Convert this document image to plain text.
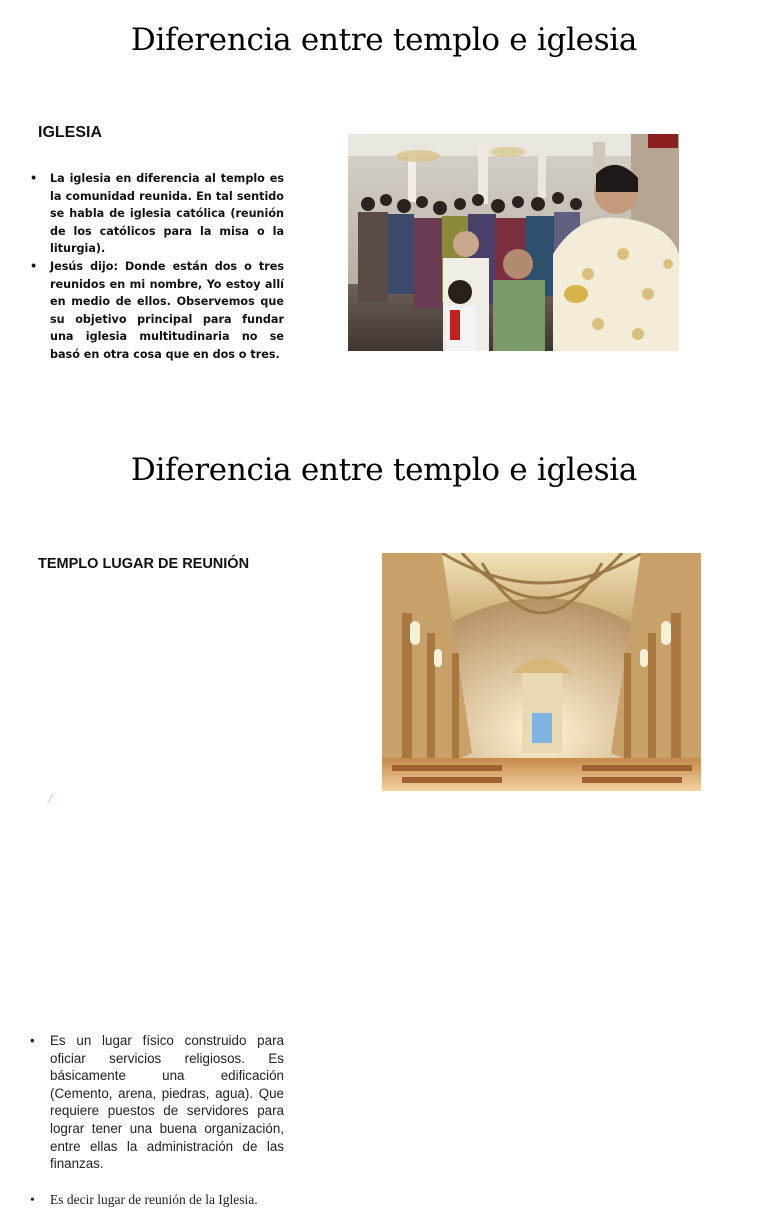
Diferencia entre templo e iglesia
IGLESIA
• La iglesia en diferencia al templo es la comunidad reunida. En tal sentido se habla de iglesia católica (reunión de los católicos para la misa o la liturgia).
• Jesús dijo: Donde están dos o tres reunidos en mi nombre, Yo estoy allí en medio de ellos. Observemos que su objetivo principal para fundar una iglesia multitudinaria no se basó en otra cosa que en dos o tres.
Diferencia entre templo e iglesia
TEMPLO LUGAR DE REUNIÓN
• Es un lugar físico construido para oficiar servicios religiosos. Es básicamente una edificación (Cemento, arena, piedras, agua). Que requiere puestos de servidores para lograr tener una buena organización, entre ellas la administración de las finanzas.
• Es decir lugar de reunión de la Iglesia.
/
